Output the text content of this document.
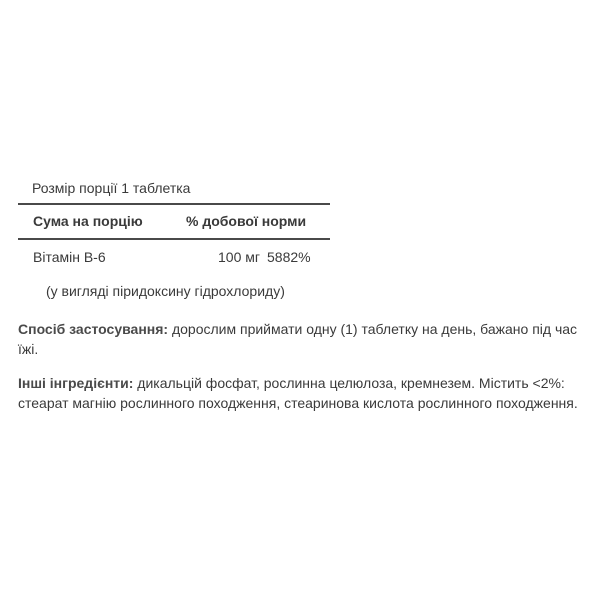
Розмір порції 1 таблетка
Сума на порцію	% добової норми
Вітамін В-6	100 мг 5882%
(у вигляді піридоксину гідрохлориду)
Спосіб застосування: дорослим приймати одну (1) таблетку на день, бажано під час їжі.
Інші інгредієнти: дикальцій фосфат, рослинна целюлоза, кремнезем. Містить <2%: стеарат магнію рослинного походження, стеаринова кислота рослинного походження.
